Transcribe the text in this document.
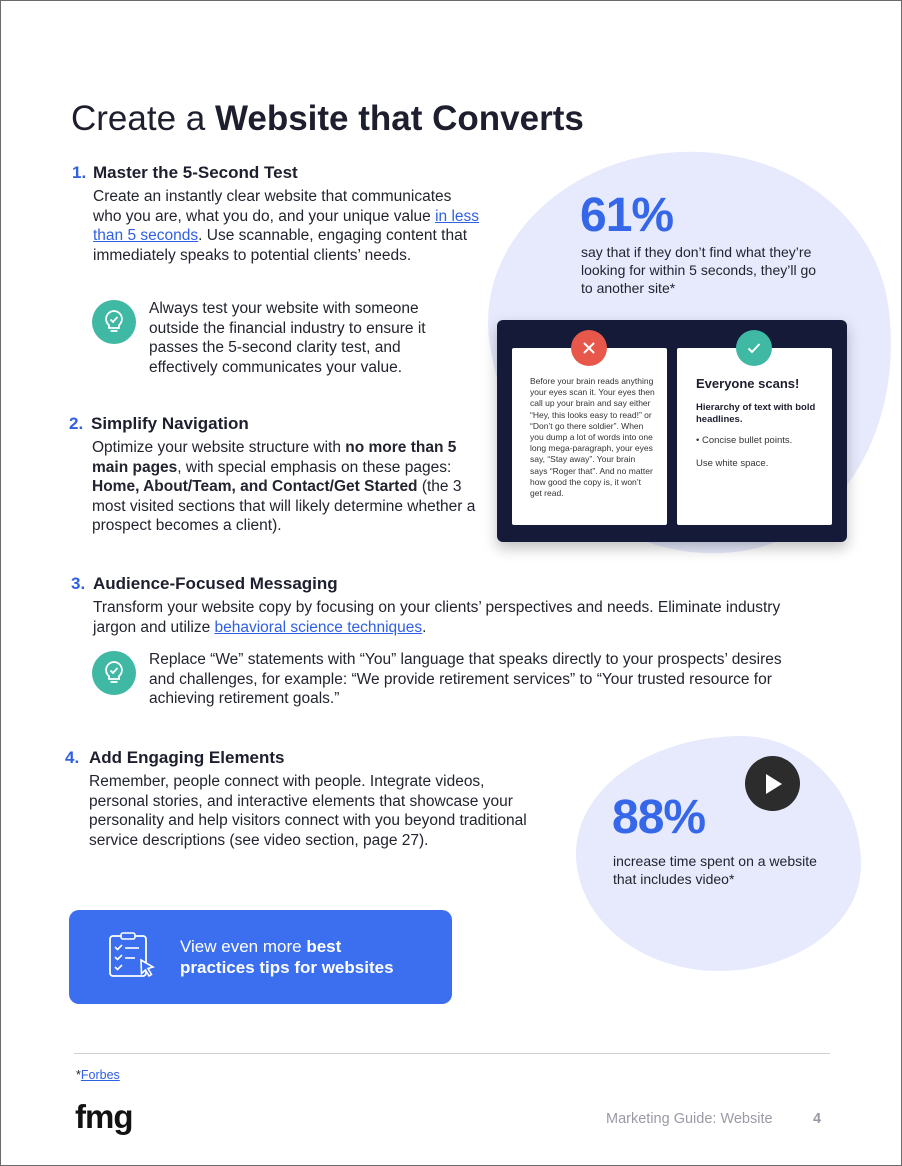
Create a Website that Converts
1. Master the 5-Second Test
Create an instantly clear website that communicates who you are, what you do, and your unique value in less than 5 seconds. Use scannable, engaging content that immediately speaks to potential clients’ needs.
Always test your website with someone outside the financial industry to ensure it passes the 5-second clarity test, and effectively communicates your value.
61%
say that if they don’t find what they’re looking for within 5 seconds, they’ll go to another site*
Before your brain reads anything your eyes scan it. Your eyes then call up your brain and say either “Hey, this looks easy to read!” or “Don’t go there soldier”. When you dump a lot of words into one long mega-paragraph, your eyes say, “Stay away”. Your brain says “Roger that”. And no matter how good the copy is, it won’t get read.
Everyone scans!
Hierarchy of text with bold headlines.
• Concise bullet points.
Use white space.
2. Simplify Navigation
Optimize your website structure with no more than 5 main pages, with special emphasis on these pages: Home, About/Team, and Contact/Get Started (the 3 most visited sections that will likely determine whether a prospect becomes a client).
3. Audience-Focused Messaging
Transform your website copy by focusing on your clients’ perspectives and needs. Eliminate industry jargon and utilize behavioral science techniques.
Replace “We” statements with “You” language that speaks directly to your prospects’ desires and challenges, for example: “We provide retirement services” to “Your trusted resource for achieving retirement goals.”
4. Add Engaging Elements
Remember, people connect with people. Integrate videos, personal stories, and interactive elements that showcase your personality and help visitors connect with you beyond traditional service descriptions (see video section, page 27).	88%
increase time spent on a website that includes video*
View even more best
practices tips for websites
*Forbes
fmg	Marketing Guide: Website	4
